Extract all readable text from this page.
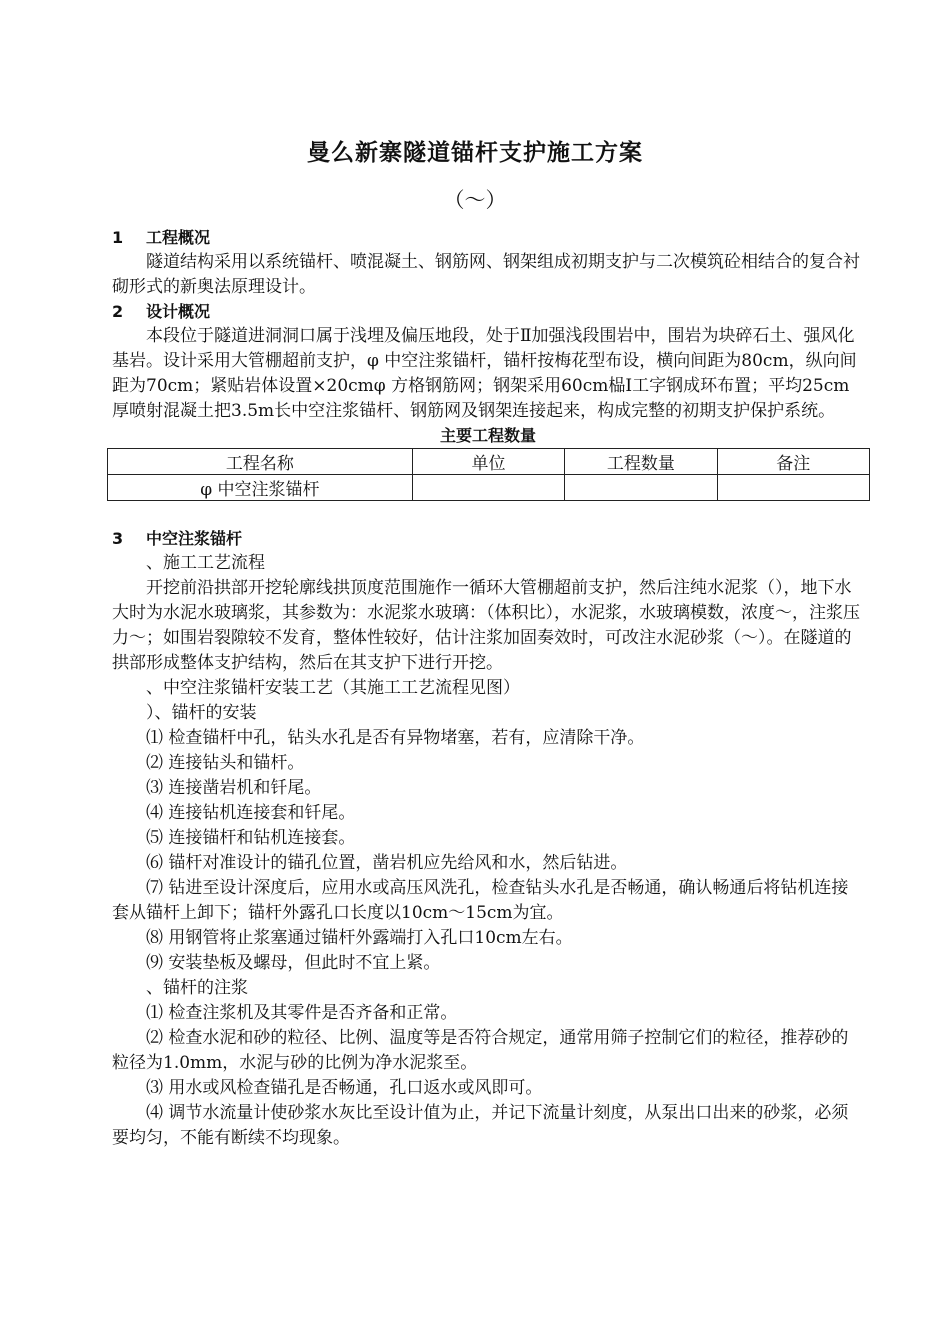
曼么新寨隧道锚杆支护施工方案
（～）
1 工程概况

隧道结构采用以系统锚杆、喷混凝土、钢筋网、钢架组成初期支护与二次模筑砼相结合的复合衬砌形式的新奥法原理设计。

2 设计概况

本段位于隧道进洞洞口属于浅埋及偏压地段，处于Ⅱ加强浅段围岩中，围岩为块碎石土、强风化基岩。设计采用大管棚超前支护，φ 中空注浆锚杆，锚杆按梅花型布设，横向间距为80cm，纵向间距为70cm；紧贴岩体设置×20cmφ 方格钢筋网；钢架采用60cm榀Ⅰ工字钢成环布置；平均25cm厚喷射混凝土把3.5m长中空注浆锚杆、钢筋网及钢架连接起来，构成完整的初期支护保护系统。

主要工程数量
工程名称	单位	工程数量	备注
φ 中空注浆锚杆			
3 中空注浆锚杆

、施工工艺流程

开挖前沿拱部开挖轮廓线拱顶度范围施作一循环大管棚超前支护，然后注纯水泥浆（），地下水大时为水泥水玻璃浆，其参数为：水泥浆水玻璃：（体积比），水泥浆，水玻璃模数，浓度～，注浆压力～；如围岩裂隙较不发育，整体性较好，估计注浆加固奏效时，可改注水泥砂浆（～）。在隧道的拱部形成整体支护结构，然后在其支护下进行开挖。

、中空注浆锚杆安装工艺（其施工工艺流程见图）

）、锚杆的安装

⑴ 检查锚杆中孔，钻头水孔是否有异物堵塞，若有，应清除干净。

⑵ 连接钻头和锚杆。

⑶ 连接凿岩机和钎尾。

⑷ 连接钻机连接套和钎尾。

⑸ 连接锚杆和钻机连接套。

⑹ 锚杆对准设计的锚孔位置，凿岩机应先给风和水，然后钻进。

⑺ 钻进至设计深度后，应用水或高压风洗孔，检查钻头水孔是否畅通，确认畅通后将钻机连接套从锚杆上卸下；锚杆外露孔口长度以10cm～15cm为宜。

⑻ 用钢管将止浆塞通过锚杆外露端打入孔口10cm左右。

⑼ 安装垫板及螺母，但此时不宜上紧。

、锚杆的注浆

⑴ 检查注浆机及其零件是否齐备和正常。

⑵ 检查水泥和砂的粒径、比例、温度等是否符合规定，通常用筛子控制它们的粒径，推荐砂的粒径为1.0mm，水泥与砂的比例为净水泥浆至。

⑶ 用水或风检查锚孔是否畅通，孔口返水或风即可。

⑷ 调节水流量计使砂浆水灰比至设计值为止，并记下流量计刻度，从泵出口出来的砂浆，必须要均匀，不能有断续不均现象。
